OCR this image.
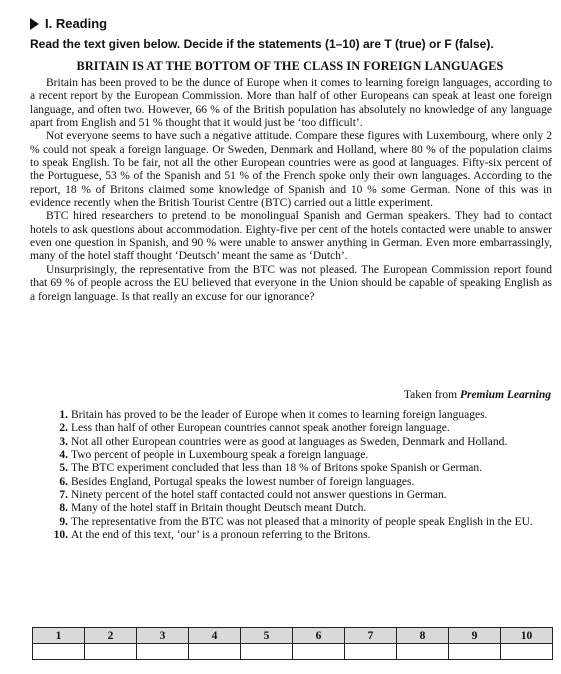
I. Reading
Read the text given below. Decide if the statements (1–10) are T (true) or F (false).
BRITAIN IS AT THE BOTTOM OF THE CLASS IN FOREIGN LANGUAGES

Britain has been proved to be the dunce of Europe when it comes to learning foreign languages, according to a recent report by the European Commission. More than half of other Europeans can speak at least one foreign language, and often two. However, 66 % of the British population has absolutely no knowledge of any language apart from English and 51 % thought that it would just be ‘too difficult’.

Not everyone seems to have such a negative attitude. Compare these figures with Luxembourg, where only 2 % could not speak a foreign language. Or Sweden, Denmark and Holland, where 80 % of the population claims to speak English. To be fair, not all the other European countries were as good at languages. Fifty-six percent of the Portuguese, 53 % of the Spanish and 51 % of the French spoke only their own languages. According to the report, 18 % of Britons claimed some knowledge of Spanish and 10 % some German. None of this was in evidence recently when the British Tourist Centre (BTC) carried out a little experiment.

BTC hired researchers to pretend to be monolingual Spanish and German speakers. They had to contact hotels to ask questions about accommodation. Eighty-five per cent of the hotels contacted were unable to answer even one question in Spanish, and 90 % were unable to answer anything in German. Even more embarrassingly, many of the hotel staff thought ‘Deutsch’ meant the same as ‘Dutch’.

Unsurprisingly, the representative from the BTC was not pleased. The European Commission report found that 69 % of people across the EU believed that everyone in the Union should be capable of speaking English as a foreign language. Is that really an excuse for our ignorance?

Taken from Premium Learning
1. Britain has proved to be the leader of Europe when it comes to learning foreign languages.
2. Less than half of other European countries cannot speak another foreign language.
3. Not all other European countries were as good at languages as Sweden, Denmark and Holland.
4. Two percent of people in Luxembourg speak a foreign language.
5. The BTC experiment concluded that less than 18 % of Britons spoke Spanish or German.
6. Besides England, Portugal speaks the lowest number of foreign languages.
7. Ninety percent of the hotel staff contacted could not answer questions in German.
8. Many of the hotel staff in Britain thought Deutsch meant Dutch.
9. The representative from the BTC was not pleased that a minority of people speak English in the EU.
10. At the end of this text, ‘our’ is a pronoun referring to the Britons.
1	2	3	4	5	6	7	8	9	10
